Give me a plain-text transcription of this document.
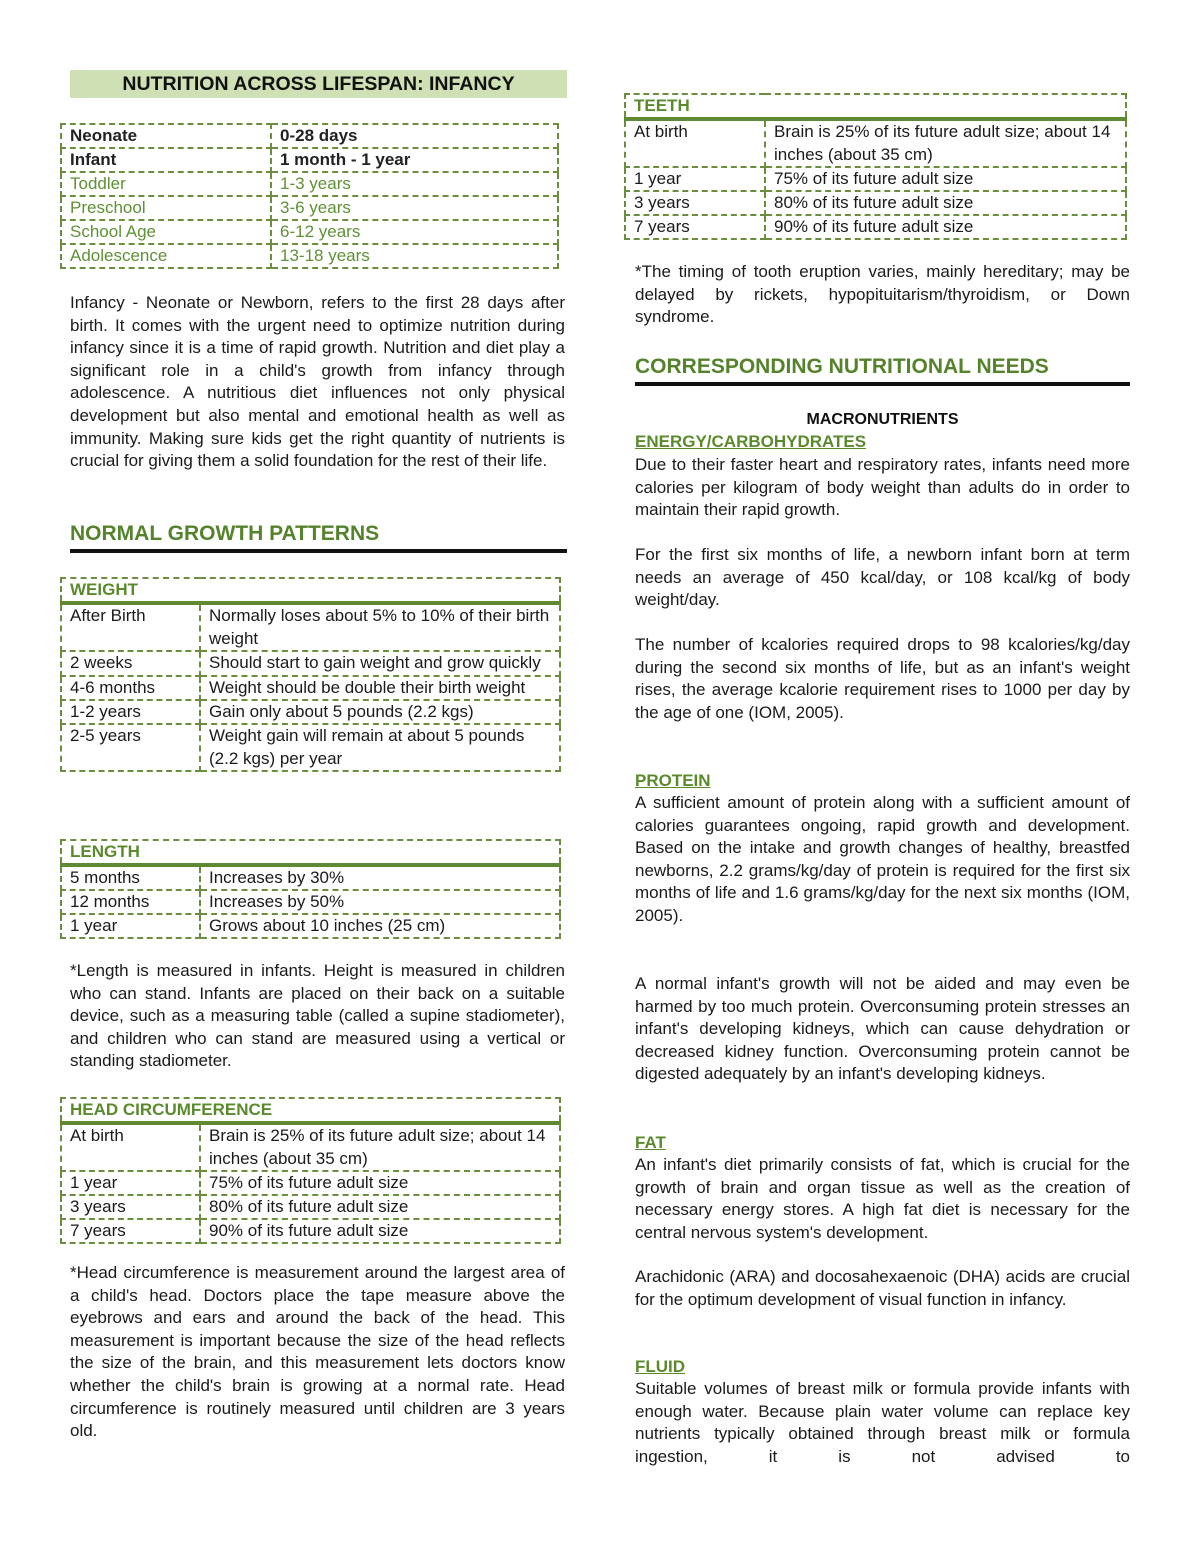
NUTRITION ACROSS LIFESPAN: INFANCY
Neonate	0-28 days
Infant	1 month - 1 year
Toddler	1-3 years
Preschool	3-6 years
School Age	6-12 years
Adolescence	13-18 years

Infancy - Neonate or Newborn, refers to the first 28 days after birth. It comes with the urgent need to optimize nutrition during infancy since it is a time of rapid growth. Nutrition and diet play a significant role in a child's growth from infancy through adolescence. A nutritious diet influences not only physical development but also mental and emotional health as well as immunity. Making sure kids get the right quantity of nutrients is crucial for giving them a solid foundation for the rest of their life.

NORMAL GROWTH PATTERNS
WEIGHT	
After Birth	Normally loses about 5% to 10% of their birth weight
2 weeks	Should start to gain weight and grow quickly
4-6 months	Weight should be double their birth weight
1-2 years	Gain only about 5 pounds (2.2 kgs)
2-5 years	Weight gain will remain at about 5 pounds (2.2 kgs) per year
LENGTH	
5 months	Increases by 30%
12 months	Increases by 50%
1 year	Grows about 10 inches (25 cm)

*Length is measured in infants. Height is measured in children who can stand. Infants are placed on their back on a suitable device, such as a measuring table (called a supine stadiometer), and children who can stand are measured using a vertical or standing stadiometer.

HEAD CIRCUMFERENCE	
At birth	Brain is 25% of its future adult size; about 14 inches (about 35 cm)
1 year	75% of its future adult size
3 years	80% of its future adult size
7 years	90% of its future adult size

*Head circumference is measurement around the largest area of a child's head. Doctors place the tape measure above the eyebrows and ears and around the back of the head. This measurement is important because the size of the head reflects the size of the brain, and this measurement lets doctors know whether the child's brain is growing at a normal rate. Head circumference is routinely measured until children are 3 years old.

TEETH	
At birth	Brain is 25% of its future adult size; about 14 inches (about 35 cm)
1 year	75% of its future adult size
3 years	80% of its future adult size
7 years	90% of its future adult size

*The timing of tooth eruption varies, mainly hereditary; may be delayed by rickets, hypopituitarism/thyroidism, or Down syndrome.

CORRESPONDING NUTRITIONAL NEEDS
MACRONUTRIENTS
ENERGY/CARBOHYDRATES

Due to their faster heart and respiratory rates, infants need more calories per kilogram of body weight than adults do in order to maintain their rapid growth.

For the first six months of life, a newborn infant born at term needs an average of 450 kcal/day, or 108 kcal/kg of body weight/day.

The number of kcalories required drops to 98 kcalories/kg/day during the second six months of life, but as an infant's weight rises, the average kcalorie requirement rises to 1000 per day by the age of one (IOM, 2005).

PROTEIN

A sufficient amount of protein along with a sufficient amount of calories guarantees ongoing, rapid growth and development. Based on the intake and growth changes of healthy, breastfed newborns, 2.2 grams/kg/day of protein is required for the first six months of life and 1.6 grams/kg/day for the next six months (IOM, 2005).

A normal infant's growth will not be aided and may even be harmed by too much protein. Overconsuming protein stresses an infant's developing kidneys, which can cause dehydration or decreased kidney function. Overconsuming protein cannot be digested adequately by an infant's developing kidneys.

FAT

An infant's diet primarily consists of fat, which is crucial for the growth of brain and organ tissue as well as the creation of necessary energy stores. A high fat diet is necessary for the central nervous system's development.

Arachidonic (ARA) and docosahexaenoic (DHA) acids are crucial for the optimum development of visual function in infancy.

FLUID

Suitable volumes of breast milk or formula provide infants with enough water. Because plain water volume can replace key nutrients typically obtained through breast milk or formula ingestion, it is not advised to
